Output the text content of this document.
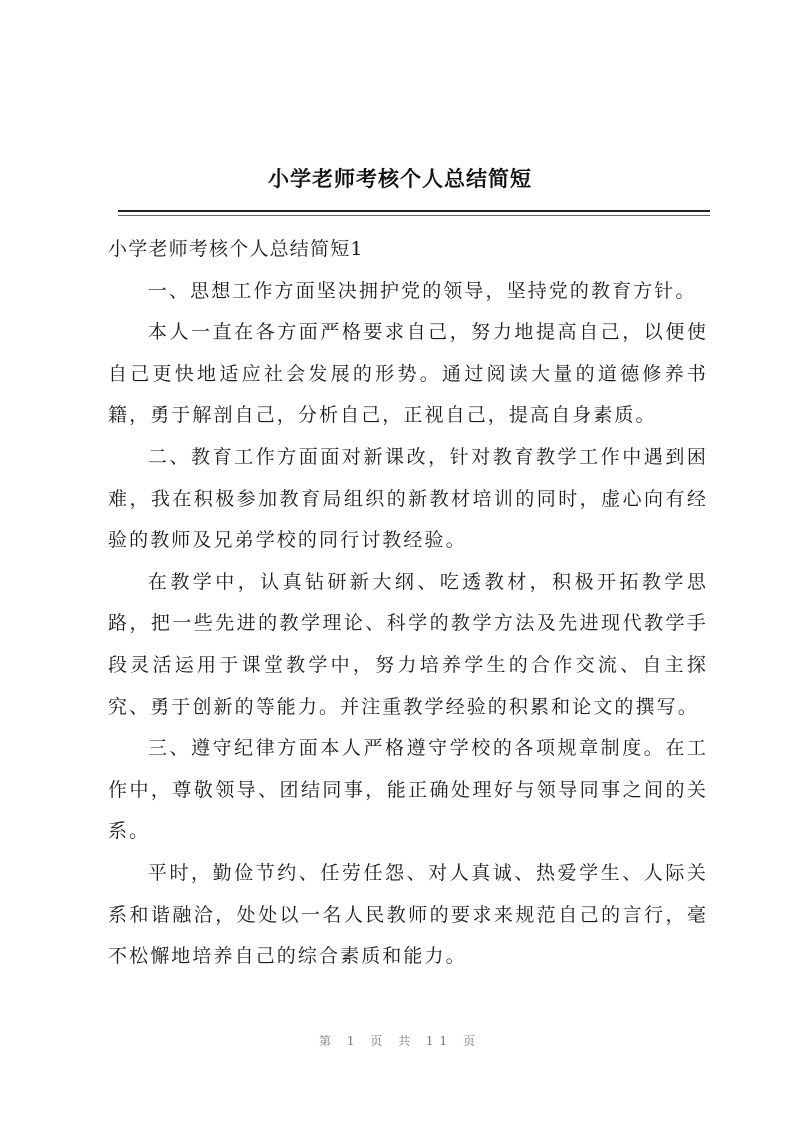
小学老师考核个人总结简短

小学老师考核个人总结简短1

一、思想工作方面坚决拥护党的领导，坚持党的教育方针。

本人一直在各方面严格要求自己，努力地提高自己，以便使自己更快地适应社会发展的形势。通过阅读大量的道德修养书籍，勇于解剖自己，分析自己，正视自己，提高自身素质。

二、教育工作方面面对新课改，针对教育教学工作中遇到困难，我在积极参加教育局组织的新教材培训的同时，虚心向有经验的教师及兄弟学校的同行讨教经验。

在教学中，认真钻研新大纲、吃透教材，积极开拓教学思路，把一些先进的教学理论、科学的教学方法及先进现代教学手段灵活运用于课堂教学中，努力培养学生的合作交流、自主探究、勇于创新的等能力。并注重教学经验的积累和论文的撰写。

三、遵守纪律方面本人严格遵守学校的各项规章制度。在工作中，尊敬领导、团结同事，能正确处理好与领导同事之间的关系。

平时，勤俭节约、任劳任怨、对人真诚、热爱学生、人际关系和谐融洽，处处以一名人民教师的要求来规范自己的言行，毫不松懈地培养自己的综合素质和能力。

第 1 页 共 11 页
